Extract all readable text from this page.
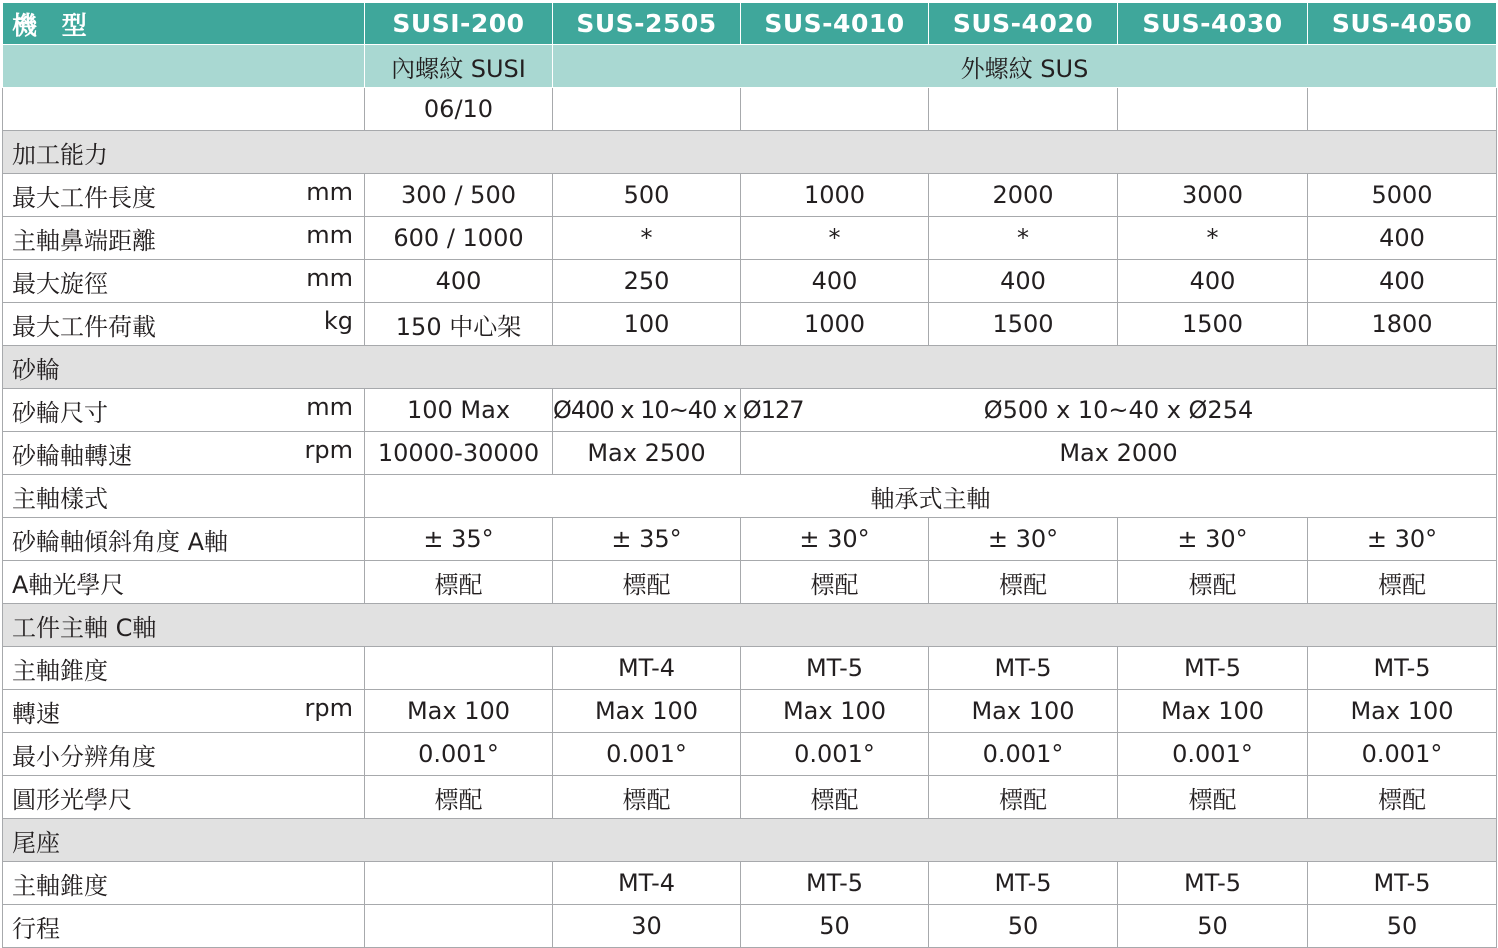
機 型	SUSI-200	SUS-2505	SUS-4010	SUS-4020	SUS-4030	SUS-4050
	內螺紋 SUSI	外螺紋 SUS				
	06/10					
加工能力						

最大工件長度 mm	300 / 500	500	1000	2000	3000	5000

主軸鼻端距離 mm	600 / 1000	*	*	*	*	400

最大旋徑 mm	400	250	400	400	400	400

最大工件荷載 kg	150 中心架	100	1000	1500	1500	1800
砂輪						

砂輪尺寸 mm	100 Max	Ø400 x 10~40 x Ø127	Ø500 x 10~40 x Ø254			

砂輪軸轉速 rpm	10000-30000	Max 2500	Max 2000			

主軸樣式	軸承式主軸					

砂輪軸傾斜角度 A軸	± 35°	± 35°	± 30°	± 30°	± 30°	± 30°

A軸光學尺	標配	標配	標配	標配	標配	標配
工件主軸 C軸						

主軸錐度		MT-4	MT-5	MT-5	MT-5	MT-5

轉速 rpm	Max 100	Max 100	Max 100	Max 100	Max 100	Max 100

最小分辨角度	0.001°	0.001°	0.001°	0.001°	0.001°	0.001°

圓形光學尺	標配	標配	標配	標配	標配	標配
尾座						

主軸錐度		MT-4	MT-5	MT-5	MT-5	MT-5

行程		30	50	50	50	50
